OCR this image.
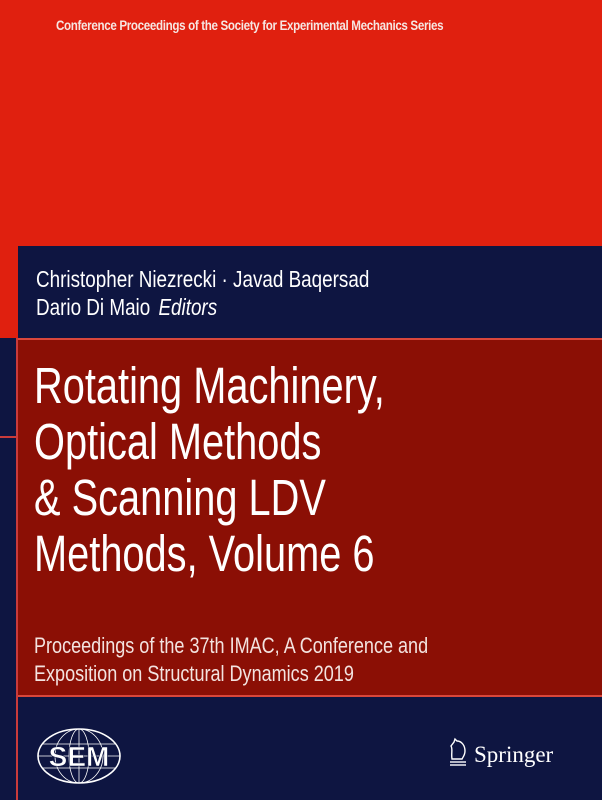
Conference Proceedings of the Society for Experimental Mechanics Series
Christopher Niezrecki · Javad Baqersad
Dario Di Maio Editors
Rotating Machinery,
Optical Methods
& Scanning LDV
Methods, Volume 6
Proceedings of the 37th IMAC, A Conference and
Exposition on Structural Dynamics 2019
SEM	Springer
